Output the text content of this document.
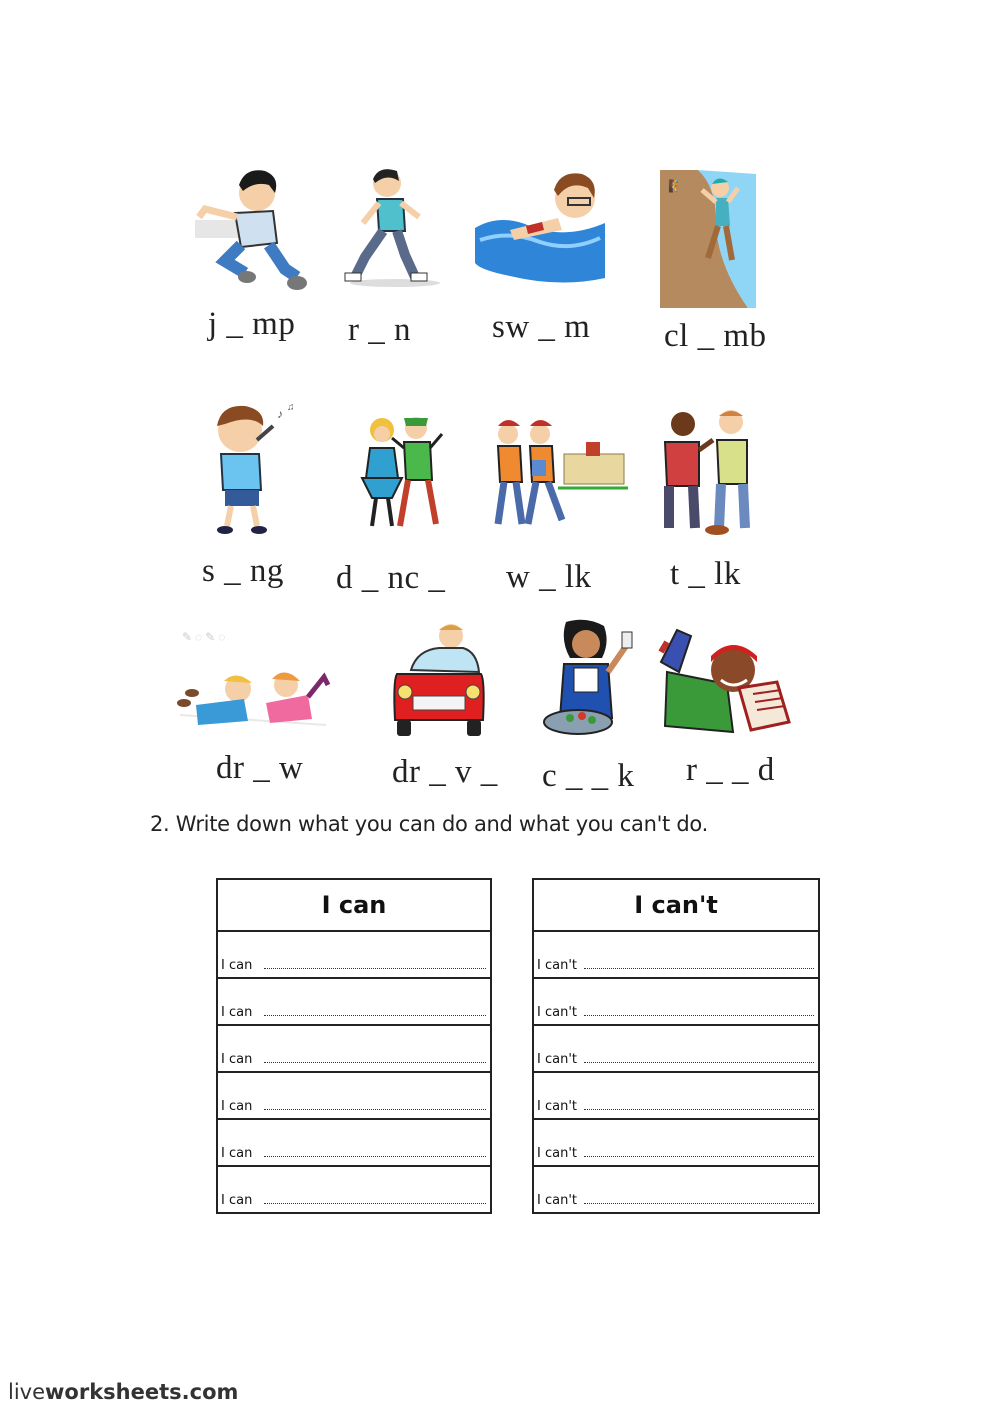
🧗
j _ mp r _ n sw _ m cl _ mb
♪ ♫
s _ ng d _ nc _ w _ lk t _ lk
✎ ◌ ✎ ◌
dr _ w	dr _ v _ c _ _ k r _ _ d
2. Write down what you can do and what you can't do.
I can
I can
I can
I can
I can
I can
I can
I can't
I can't
I can't
I can't
I can't
I can't
I can't
liveworksheets.com
